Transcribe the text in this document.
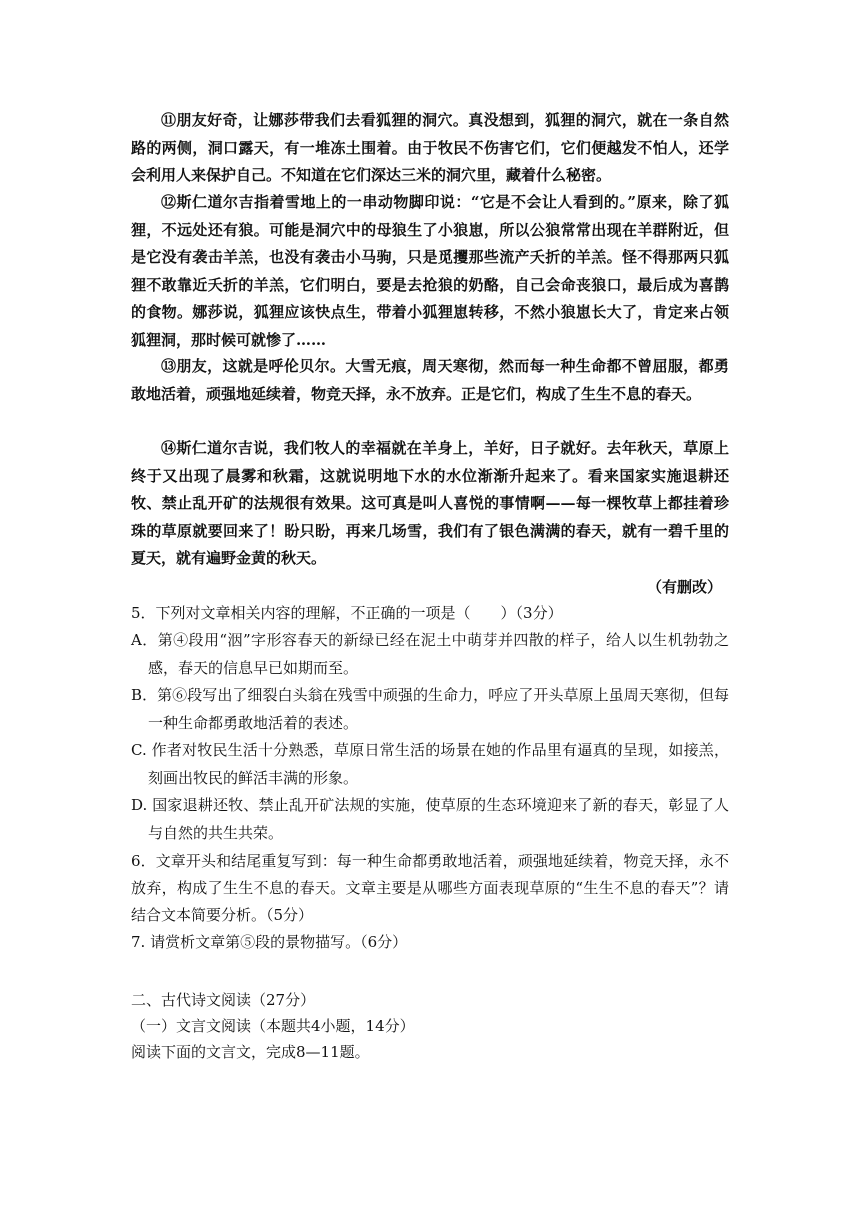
⑪朋友好奇，让娜莎带我们去看狐狸的洞穴。真没想到，狐狸的洞穴，就在一条自然路的两侧，洞口露天，有一堆冻土围着。由于牧民不伤害它们，它们便越发不怕人，还学会利用人来保护自己。不知道在它们深达三米的洞穴里，藏着什么秘密。

⑫斯仁道尔吉指着雪地上的一串动物脚印说：“它是不会让人看到的。”原来，除了狐狸，不远处还有狼。可能是洞穴中的母狼生了小狼崽，所以公狼常常出现在羊群附近，但是它没有袭击羊羔，也没有袭击小马驹，只是觅攫那些流产夭折的羊羔。怪不得那两只狐狸不敢靠近夭折的羊羔，它们明白，要是去抢狼的奶酪，自己会命丧狼口，最后成为喜鹊的食物。娜莎说，狐狸应该快点生，带着小狐狸崽转移，不然小狼崽长大了，肯定来占领狐狸洞，那时候可就惨了……

⑬朋友，这就是呼伦贝尔。大雪无痕，周天寒彻，然而每一种生命都不曾屈服，都勇敢地活着，顽强地延续着，物竞天择，永不放弃。正是它们，构成了生生不息的春天。

⑭斯仁道尔吉说，我们牧人的幸福就在羊身上，羊好，日子就好。去年秋天，草原上终于又出现了晨雾和秋霜，这就说明地下水的水位渐渐升起来了。看来国家实施退耕还牧、禁止乱开矿的法规很有效果。这可真是叫人喜悦的事情啊——每一棵牧草上都挂着珍珠的草原就要回来了！盼只盼，再来几场雪，我们有了银色满满的春天，就有一碧千里的夏天，就有遍野金黄的秋天。

（有删改）

5．下列对文章相关内容的理解，不正确的一项是（　　）（3分）

A．第④段用“洇”字形容春天的新绿已经在泥土中萌芽并四散的样子，给人以生机勃勃之感，春天的信息早已如期而至。

B．第⑥段写出了细裂白头翁在残雪中顽强的生命力，呼应了开头草原上虽周天寒彻，但每一种生命都勇敢地活着的表述。

C. 作者对牧民生活十分熟悉，草原日常生活的场景在她的作品里有逼真的呈现，如接羔，刻画出牧民的鲜活丰满的形象。

D. 国家退耕还牧、禁止乱开矿法规的实施，使草原的生态环境迎来了新的春天，彰显了人与自然的共生共荣。

6．文章开头和结尾重复写到：每一种生命都勇敢地活着，顽强地延续着，物竞天择，永不放弃，构成了生生不息的春天。文章主要是从哪些方面表现草原的“生生不息的春天”？请结合文本简要分析。（5分）

7. 请赏析文章第⑤段的景物描写。（6分）

二、古代诗文阅读（27分）

（一）文言文阅读（本题共4小题，14分）

阅读下面的文言文，完成8—11题。
